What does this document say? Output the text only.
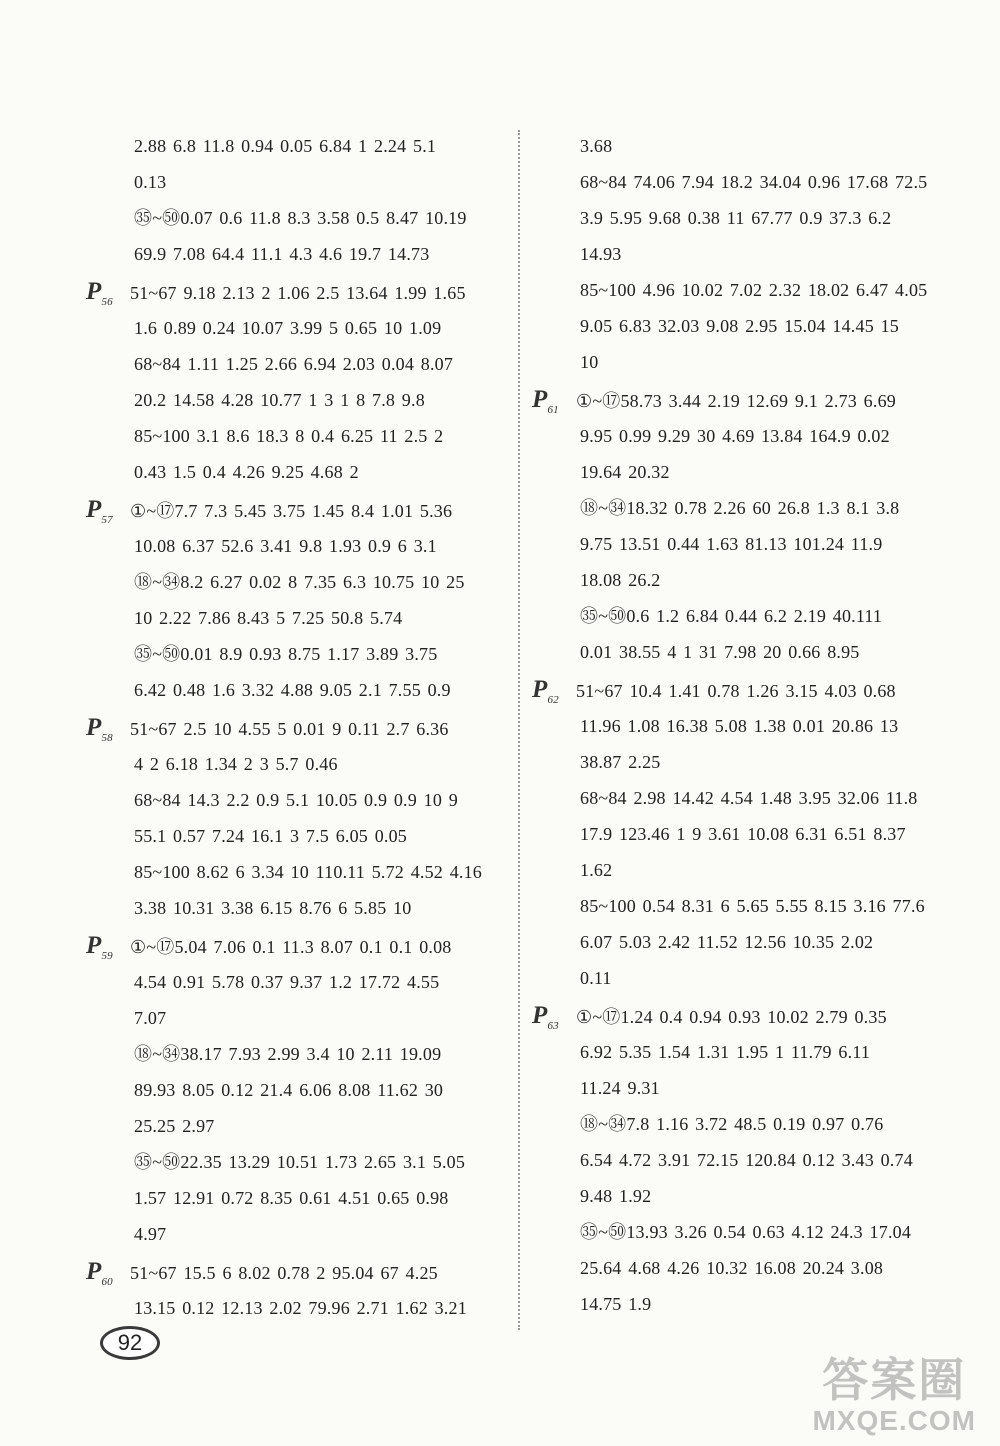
2.88 6.8 11.8 0.94 0.05 6.84 1 2.24 5.1
0.13
㉟~㊿0.07 0.6 11.8 8.3 3.58 0.5 8.47 10.19
69.9 7.08 64.4 11.1 4.3 4.6 19.7 14.73
$P_{56}$ 51~67 9.18 2.13 2 1.06 2.5 13.64 1.99 1.65
1.6 0.89 0.24 10.07 3.99 5 0.65 10 1.09
68~84 1.11 1.25 2.66 6.94 2.03 0.04 8.07
20.2 14.58 4.28 10.77 1 3 1 8 7.8 9.8
85~100 3.1 8.6 18.3 8 0.4 6.25 11 2.5 2
0.43 1.5 0.4 4.26 9.25 4.68 2
$P_{57}$ ①~⑰7.7 7.3 5.45 3.75 1.45 8.4 1.01 5.36
10.08 6.37 52.6 3.41 9.8 1.93 0.9 6 3.1
⑱~㉞8.2 6.27 0.02 8 7.35 6.3 10.75 10 25
10 2.22 7.86 8.43 5 7.25 50.8 5.74
㉟~㊿0.01 8.9 0.93 8.75 1.17 3.89 3.75
6.42 0.48 1.6 3.32 4.88 9.05 2.1 7.55 0.9
$P_{58}$ 51~67 2.5 10 4.55 5 0.01 9 0.11 2.7 6.36
4 2 6.18 1.34 2 3 5.7 0.46
68~84 14.3 2.2 0.9 5.1 10.05 0.9 0.9 10 9
55.1 0.57 7.24 16.1 3 7.5 6.05 0.05
85~100 8.62 6 3.34 10 110.11 5.72 4.52 4.16
3.38 10.31 3.38 6.15 8.76 6 5.85 10
$P_{59}$ ①~⑰5.04 7.06 0.1 11.3 8.07 0.1 0.1 0.08
4.54 0.91 5.78 0.37 9.37 1.2 17.72 4.55
7.07
⑱~㉞38.17 7.93 2.99 3.4 10 2.11 19.09
89.93 8.05 0.12 21.4 6.06 8.08 11.62 30
25.25 2.97
㉟~㊿22.35 13.29 10.51 1.73 2.65 3.1 5.05
1.57 12.91 0.72 8.35 0.61 4.51 0.65 0.98
4.97
$P_{60}$ 51~67 15.5 6 8.02 0.78 2 95.04 67 4.25
13.15 0.12 12.13 2.02 79.96 2.71 1.62 3.21
3.68
68~84 74.06 7.94 18.2 34.04 0.96 17.68 72.5
3.9 5.95 9.68 0.38 11 67.77 0.9 37.3 6.2
14.93
85~100 4.96 10.02 7.02 2.32 18.02 6.47 4.05
9.05 6.83 32.03 9.08 2.95 15.04 14.45 15
10
$P_{61}$ ①~⑰58.73 3.44 2.19 12.69 9.1 2.73 6.69
9.95 0.99 9.29 30 4.69 13.84 164.9 0.02
19.64 20.32
⑱~㉞18.32 0.78 2.26 60 26.8 1.3 8.1 3.8
9.75 13.51 0.44 1.63 81.13 101.24 11.9
18.08 26.2
㉟~㊿0.6 1.2 6.84 0.44 6.2 2.19 40.111
0.01 38.55 4 1 31 7.98 20 0.66 8.95
$P_{62}$ 51~67 10.4 1.41 0.78 1.26 3.15 4.03 0.68
11.96 1.08 16.38 5.08 1.38 0.01 20.86 13
38.87 2.25
68~84 2.98 14.42 4.54 1.48 3.95 32.06 11.8
17.9 123.46 1 9 3.61 10.08 6.31 6.51 8.37
1.62
85~100 0.54 8.31 6 5.65 5.55 8.15 3.16 77.6
6.07 5.03 2.42 11.52 12.56 10.35 2.02
0.11
$P_{63}$ ①~⑰1.24 0.4 0.94 0.93 10.02 2.79 0.35
6.92 5.35 1.54 1.31 1.95 1 11.79 6.11
11.24 9.31
⑱~㉞7.8 1.16 3.72 48.5 0.19 0.97 0.76
6.54 4.72 3.91 72.15 120.84 0.12 3.43 0.74
9.48 1.92
㉟~㊿13.93 3.26 0.54 0.63 4.12 24.3 17.04
25.64 4.68 4.26 10.32 16.08 20.24 3.08
14.75 1.9
92
答案圈
MXQE.COM
